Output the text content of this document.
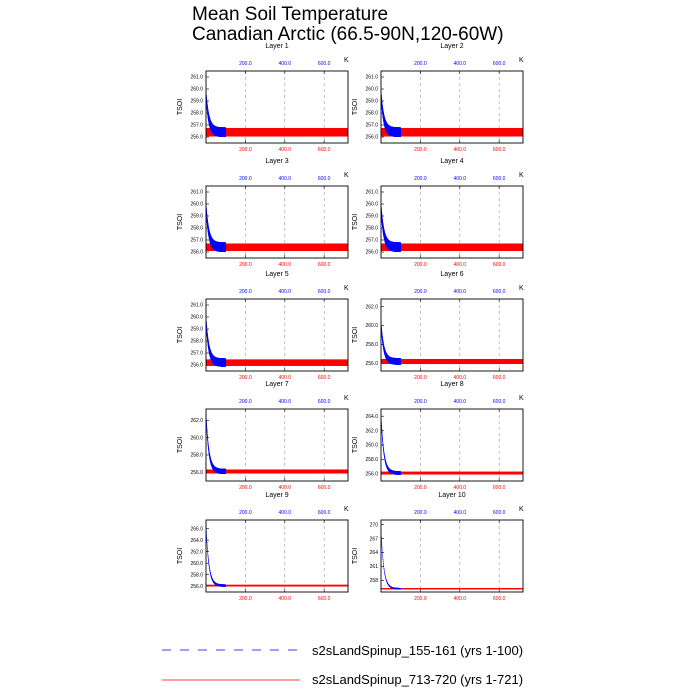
Mean Soil Temperature
Canadian Arctic (66.5-90N,120-60W)
Layer 1
K
TSOI
200.0	400.0	600.0
200.0	400.0	600.0
256.0
257.0
258.0
259.0
260.0
261.0
Layer 2
K
TSOI
200.0	400.0	600.0
200.0	400.0	600.0
256.0
257.0
258.0
259.0
260.0
261.0
Layer 3
K
TSOI
200.0	400.0	600.0
200.0	400.0	600.0
256.0
257.0
258.0
259.0
260.0
261.0
Layer 4
K
TSOI
200.0	400.0	600.0
200.0	400.0	600.0
256.0
257.0
258.0
259.0
260.0
261.0
Layer 5
K
TSOI
200.0	400.0	600.0
200.0	400.0	600.0
256.0
257.0
258.0
259.0
260.0
261.0
Layer 6
K
TSOI
200.0	400.0	600.0
200.0	400.0	600.0
256.0
258.0
260.0
262.0
Layer 7
K
TSOI
200.0	400.0	600.0
200.0	400.0	600.0
256.0
258.0
260.0
262.0
Layer 8
K
TSOI
200.0	400.0	600.0
200.0	400.0	600.0
256.0
258.0
260.0
262.0
264.0
Layer 9
K
TSOI
200.0	400.0	600.0
200.0	400.0	600.0
256.0
258.0
260.0
262.0
264.0
266.0
Layer 10
K
TSOI
200.0	400.0	600.0
200.0	400.0	600.0
258
261
264
267
270
s2sLandSpinup_155-161 (yrs 1-100)
s2sLandSpinup_713-720 (yrs 1-721)
